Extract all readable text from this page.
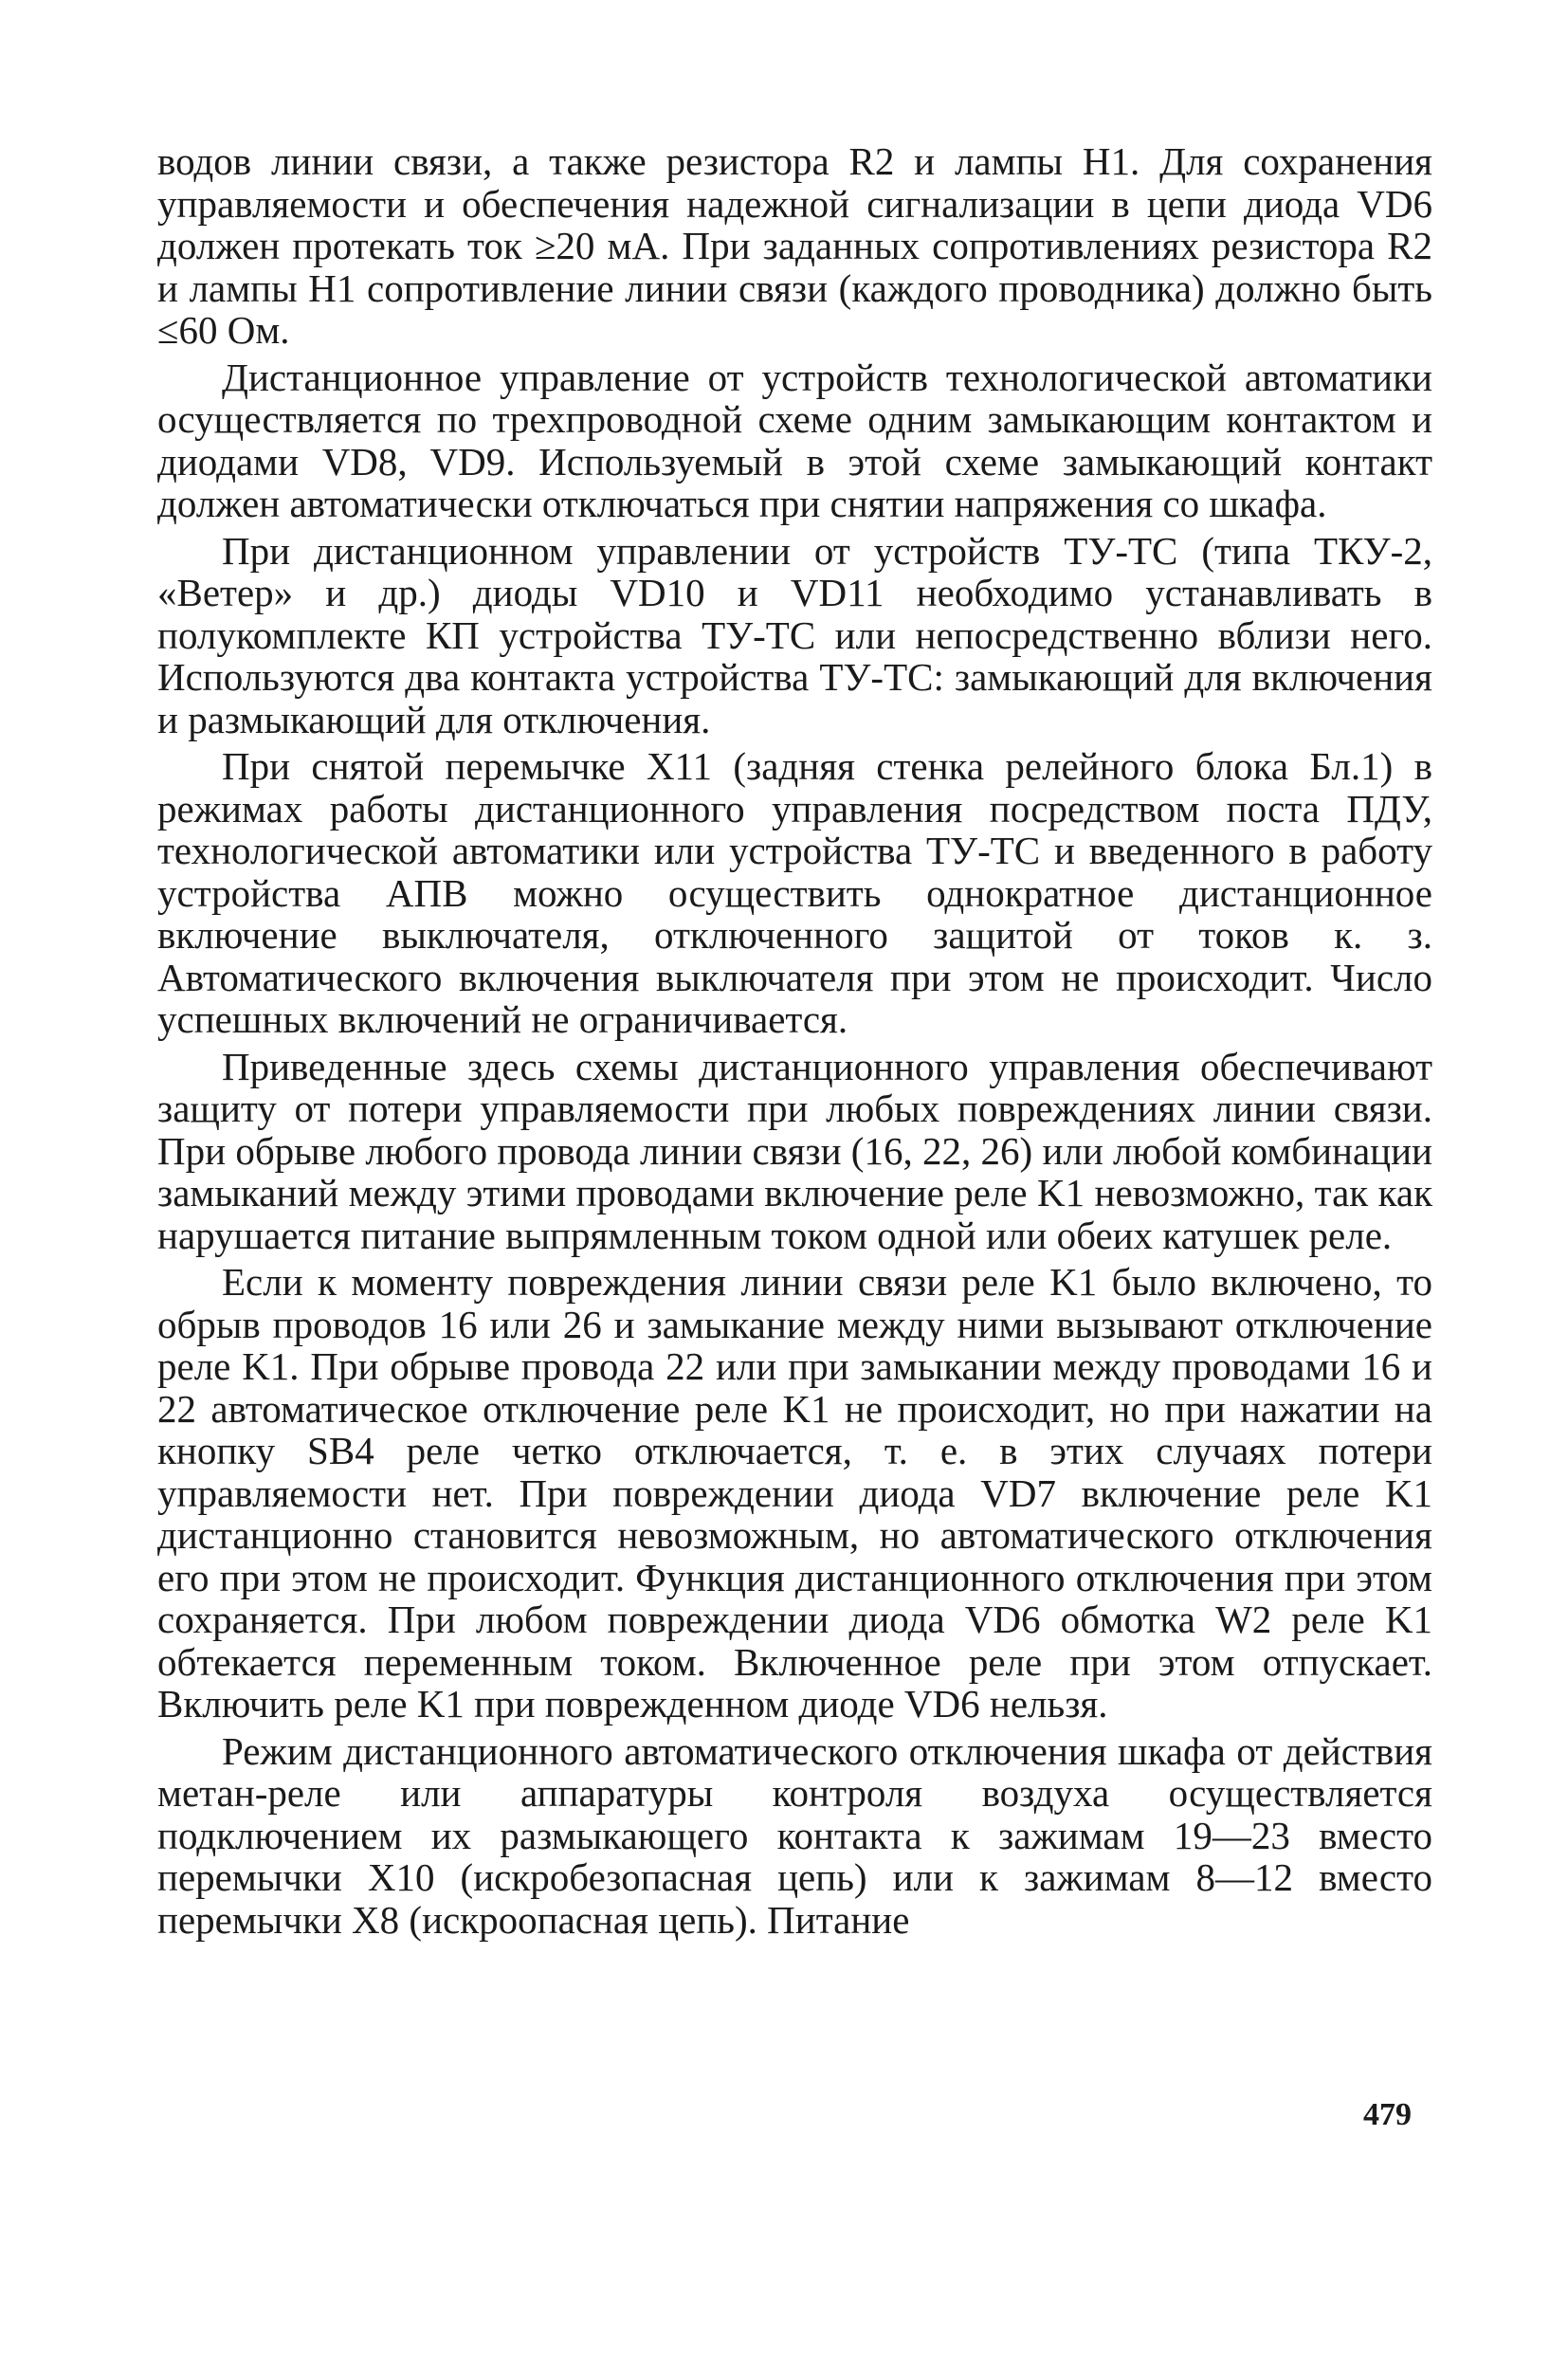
водов линии связи, а также резистора R2 и лампы H1. Для сохранения управляемости и обеспечения надежной сигнализации в цепи диода VD6 должен протекать ток ≥20 мА. При заданных сопротивлениях резистора R2 и лампы H1 сопротивление линии связи (каждого проводника) должно быть ≤60 Ом.

Дистанционное управление от устройств технологической автоматики осуществляется по трехпроводной схеме одним замыкающим контактом и диодами VD8, VD9. Используемый в этой схеме замыкающий контакт должен автоматически отключаться при снятии напряжения со шкафа.

При дистанционном управлении от устройств ТУ-ТС (типа ТКУ-2, «Ветер» и др.) диоды VD10 и VD11 необходимо устанавливать в полукомплекте КП устройства ТУ-ТС или непосредственно вблизи него. Используются два контакта устройства ТУ-ТС: замыкающий для включения и размыкающий для отключения.

При снятой перемычке X11 (задняя стенка релейного блока Бл.1) в режимах работы дистанционного управления посредством поста ПДУ, технологической автоматики или устройства ТУ-ТС и введенного в работу устройства АПВ можно осуществить однократное дистанционное включение выключателя, отключенного защитой от токов к. з. Автоматического включения выключателя при этом не происходит. Число успешных включений не ограничивается.

Приведенные здесь схемы дистанционного управления обеспечивают защиту от потери управляемости при любых повреждениях линии связи. При обрыве любого провода линии связи (16, 22, 26) или любой комбинации замыканий между этими проводами включение реле K1 невозможно, так как нарушается питание выпрямленным током одной или обеих катушек реле.

Если к моменту повреждения линии связи реле K1 было включено, то обрыв проводов 16 или 26 и замыкание между ними вызывают отключение реле K1. При обрыве провода 22 или при замыкании между проводами 16 и 22 автоматическое отключение реле K1 не происходит, но при нажатии на кнопку SB4 реле четко отключается, т. е. в этих случаях потери управляемости нет. При повреждении диода VD7 включение реле K1 дистанционно становится невозможным, но автоматического отключения его при этом не происходит. Функция дистанционного отключения при этом сохраняется. При любом повреждении диода VD6 обмотка W2 реле K1 обтекается переменным током. Включенное реле при этом отпускает. Включить реле K1 при поврежденном диоде VD6 нельзя.

Режим дистанционного автоматического отключения шкафа от действия метан-реле или аппаратуры контроля воздуха осуществляется подключением их размыкающего контакта к зажимам 19—23 вместо перемычки X10 (искробезопасная цепь) или к зажимам 8—12 вместо перемычки X8 (искроопасная цепь). Питание

479
